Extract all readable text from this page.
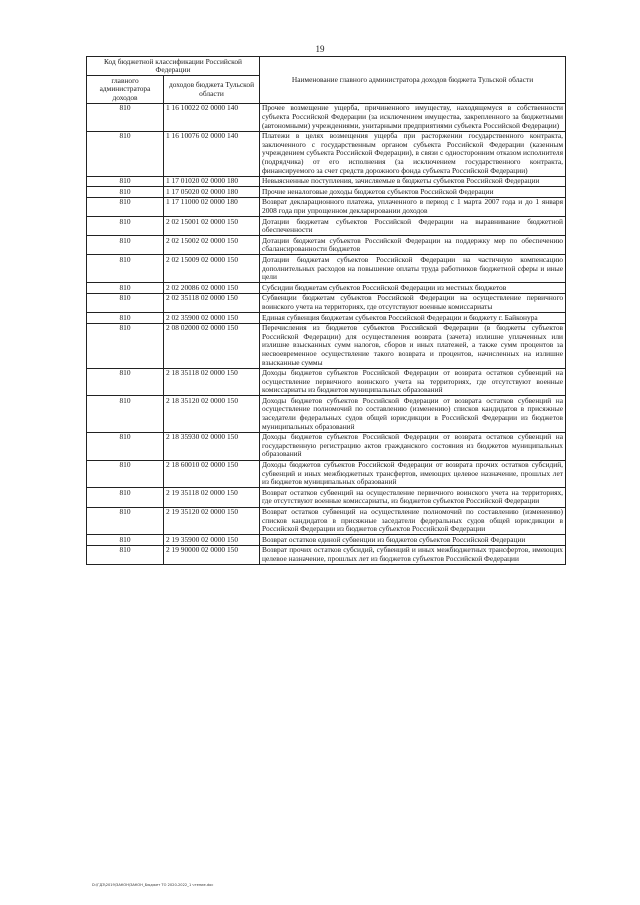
19
Код бюджетной классификации Российской Федерации		Наименование главного администратора доходов бюджета Тульской области
главного администратора доходов	доходов бюджета Тульской области	
810	1 16 10022 02 0000 140	Прочее возмещение ущерба, причиненного имуществу, находящемуся в собственности субъекта Российской Федерации (за исключением имущества, закрепленного за бюджетными (автономными) учреждениями, унитарными предприятиями субъекта Российской Федерации)
810	1 16 10076 02 0000 140	Платежи в целях возмещения ущерба при расторжении государственного контракта, заключенного с государственным органом субъекта Российской Федерации (казенным учреждением субъекта Российской Федерации), в связи с односторонним отказом исполнителя (подрядчика) от его исполнения (за исключением государственного контракта, финансируемого за счет средств дорожного фонда субъекта Российской Федерации)
810	1 17 01020 02 0000 180	Невыясненные поступления, зачисляемые в бюджеты субъектов Российской Федерации
810	1 17 05020 02 0000 180	Прочие неналоговые доходы бюджетов субъектов Российской Федерации
810	1 17 11000 02 0000 180	Возврат декларационного платежа, уплаченного в период с 1 марта 2007 года и до 1 января 2008 года при упрощенном декларировании доходов
810	2 02 15001 02 0000 150	Дотации бюджетам субъектов Российской Федерации на выравнивание бюджетной обеспеченности
810	2 02 15002 02 0000 150	Дотации бюджетам субъектов Российской Федерации на поддержку мер по обеспечению сбалансированности бюджетов
810	2 02 15009 02 0000 150	Дотации бюджетам субъектов Российской Федерации на частичную компенсацию дополнительных расходов на повышение оплаты труда работников бюджетной сферы и иные цели
810	2 02 20086 02 0000 150	Субсидии бюджетам субъектов Российской Федерации из местных бюджетов
810	2 02 35118 02 0000 150	Субвенции бюджетам субъектов Российской Федерации на осуществление первичного воинского учета на территориях, где отсутствуют военные комиссариаты
810	2 02 35900 02 0000 150	Единая субвенция бюджетам субъектов Российской Федерации и бюджету г. Байконура
810	2 08 02000 02 0000 150	Перечисления из бюджетов субъектов Российской Федерации (в бюджеты субъектов Российской Федерации) для осуществления возврата (зачета) излишне уплаченных или излишне взысканных сумм налогов, сборов и иных платежей, а также сумм процентов за несвоевременное осуществление такого возврата и процентов, начисленных на излишне взысканные суммы
810	2 18 35118 02 0000 150	Доходы бюджетов субъектов Российской Федерации от возврата остатков субвенций на осуществление первичного воинского учета на территориях, где отсутствуют военные комиссариаты из бюджетов муниципальных образований
810	2 18 35120 02 0000 150	Доходы бюджетов субъектов Российской Федерации от возврата остатков субвенций на осуществление полномочий по составлению (изменению) списков кандидатов в присяжные заседатели федеральных судов общей юрисдикции в Российской Федерации из бюджетов муниципальных образований
810	2 18 35930 02 0000 150	Доходы бюджетов субъектов Российской Федерации от возврата остатков субвенций на государственную регистрацию актов гражданского состояния из бюджетов муниципальных образований
810	2 18 60010 02 0000 150	Доходы бюджетов субъектов Российской Федерации от возврата прочих остатков субсидий, субвенций и иных межбюджетных трансфертов, имеющих целевое назначение, прошлых лет из бюджетов муниципальных образований
810	2 19 35118 02 0000 150	Возврат остатков субвенций на осуществление первичного воинского учета на территориях, где отсутствуют военные комиссариаты, из бюджетов субъектов Российской Федерации
810	2 19 35120 02 0000 150	Возврат остатков субвенций на осуществление полномочий по составлению (изменению) списков кандидатов в присяжные заседатели федеральных судов общей юрисдикции в Российской Федерации из бюджетов субъектов Российской Федерации
810	2 19 35900 02 0000 150	Возврат остатков единой субвенции из бюджетов субъектов Российской Федерации
810	2 19 90000 02 0000 150	Возврат прочих остатков субсидий, субвенций и иных межбюджетных трансфертов, имеющих целевое назначение, прошлых лет из бюджетов субъектов Российской Федерации
D:\ГДЗ\2019\ЗАКОН\ЗАКОН_Бюджет ТО 2020-2022_1 чтение.doc
